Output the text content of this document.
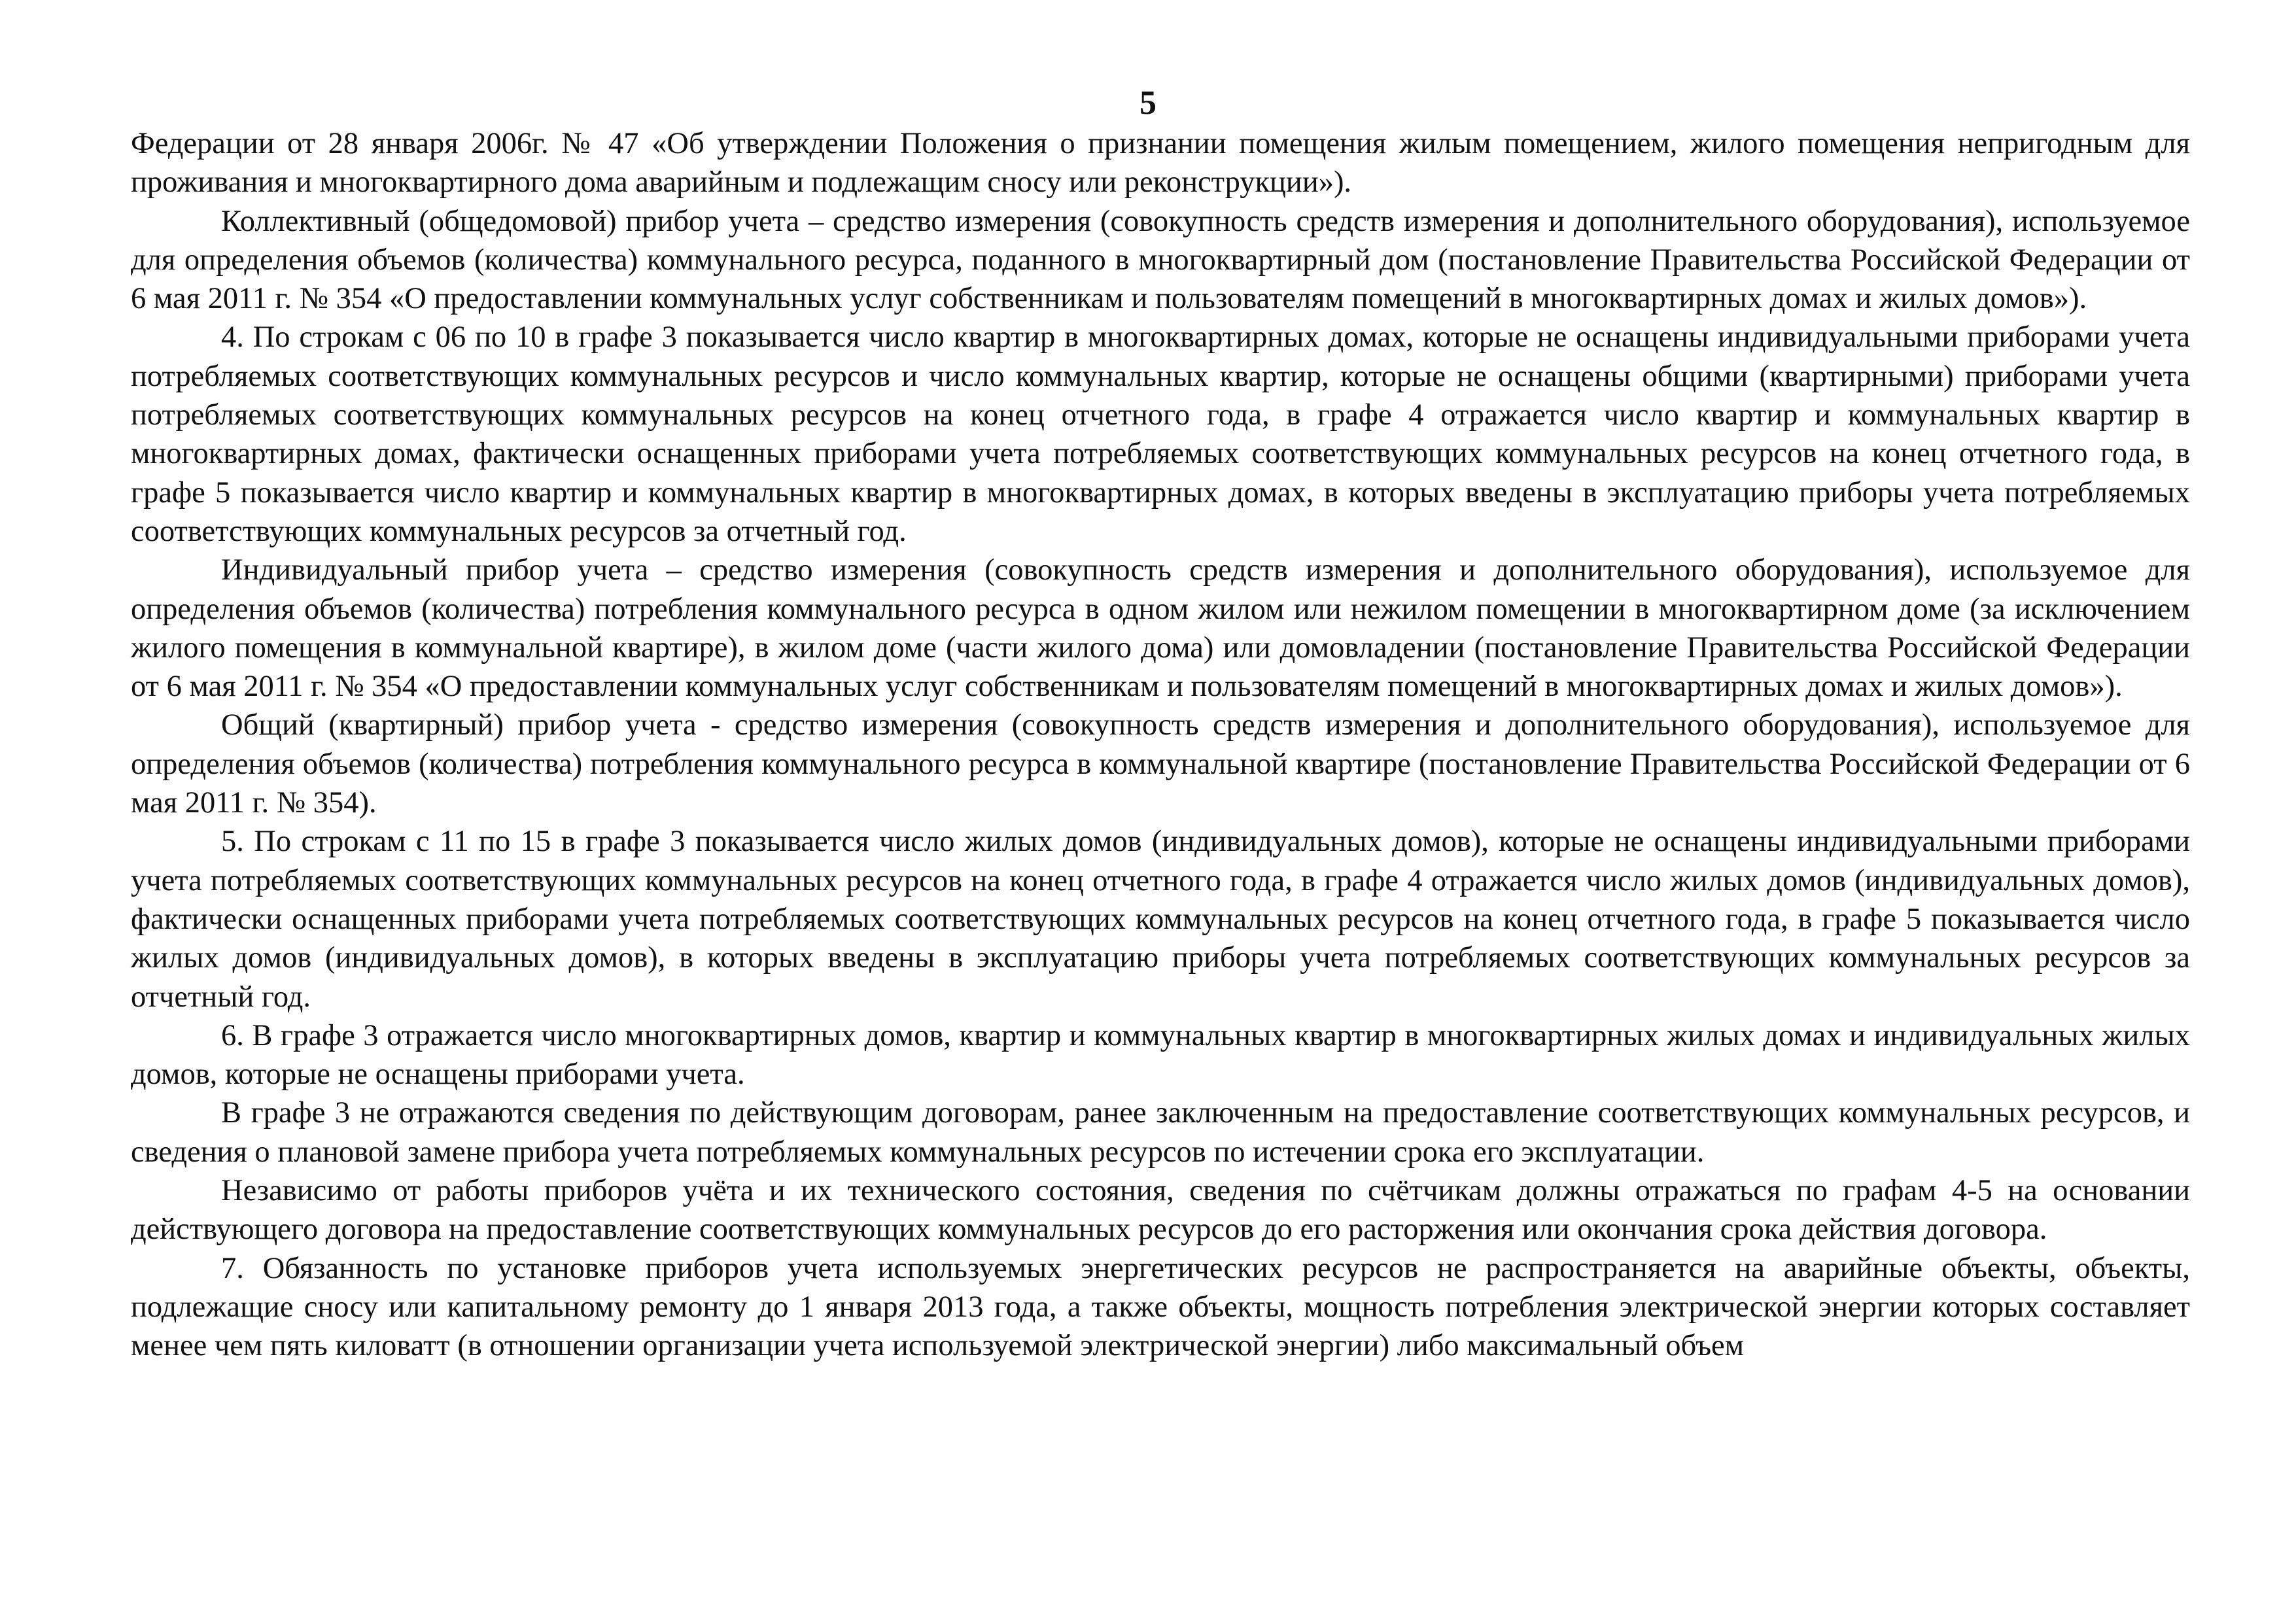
5

Федерации от 28 января 2006г. № 47 «Об утверждении Положения о признании помещения жилым помещением, жилого помещения непригодным для проживания и многоквартирного дома аварийным и подлежащим сносу или реконструкции»).

Коллективный (общедомовой) прибор учета – средство измерения (совокупность средств измерения и дополнительного оборудования), используемое для определения объемов (количества) коммунального ресурса, поданного в многоквартирный дом (постановление Правительства Российской Федерации от 6 мая 2011 г. № 354 «О предоставлении коммунальных услуг собственникам и пользователям помещений в многоквартирных домах и жилых домов»).

4. По строкам с 06 по 10 в графе 3 показывается число квартир в многоквартирных домах, которые не оснащены индивидуальными приборами учета потребляемых соответствующих коммунальных ресурсов и число коммунальных квартир, которые не оснащены общими (квартирными) приборами учета потребляемых соответствующих коммунальных ресурсов на конец отчетного года, в графе 4 отражается число квартир и коммунальных квартир в многоквартирных домах, фактически оснащенных приборами учета потребляемых соответствующих коммунальных ресурсов на конец отчетного года, в графе 5 показывается число квартир и коммунальных квартир в многоквартирных домах, в которых введены в эксплуатацию приборы учета потребляемых соответствующих коммунальных ресурсов за отчетный год.

Индивидуальный прибор учета – средство измерения (совокупность средств измерения и дополнительного оборудования), используемое для определения объемов (количества) потребления коммунального ресурса в одном жилом или нежилом помещении в многоквартирном доме (за исключением жилого помещения в коммунальной квартире), в жилом доме (части жилого дома) или домовладении (постановление Правительства Российской Федерации от 6 мая 2011 г. № 354 «О предоставлении коммунальных услуг собственникам и пользователям помещений в многоквартирных домах и жилых домов»).

Общий (квартирный) прибор учета - средство измерения (совокупность средств измерения и дополнительного оборудования), используемое для определения объемов (количества) потребления коммунального ресурса в коммунальной квартире (постановление Правительства Российской Федерации от 6 мая 2011 г. № 354).

5. По строкам с 11 по 15 в графе 3 показывается число жилых домов (индивидуальных домов), которые не оснащены индивидуальными приборами учета потребляемых соответствующих коммунальных ресурсов на конец отчетного года, в графе 4 отражается число жилых домов (индивидуальных домов), фактически оснащенных приборами учета потребляемых соответствующих коммунальных ресурсов на конец отчетного года, в графе 5 показывается число жилых домов (индивидуальных домов), в которых введены в эксплуатацию приборы учета потребляемых соответствующих коммунальных ресурсов за отчетный год.

6. В графе 3 отражается число многоквартирных домов, квартир и коммунальных квартир в многоквартирных жилых домах и индивидуальных жилых домов, которые не оснащены приборами учета.

В графе 3 не отражаются сведения по действующим договорам, ранее заключенным на предоставление соответствующих коммунальных ресурсов, и сведения о плановой замене прибора учета потребляемых коммунальных ресурсов по истечении срока его эксплуатации.

Независимо от работы приборов учёта и их технического состояния, сведения по счётчикам должны отражаться по графам 4-5 на основании действующего договора на предоставление соответствующих коммунальных ресурсов до его расторжения или окончания срока действия договора.

7. Обязанность по установке приборов учета используемых энергетических ресурсов не распространяется на аварийные объекты, объекты, подлежащие сносу или капитальному ремонту до 1 января 2013 года, а также объекты, мощность потребления электрической энергии которых составляет менее чем пять киловатт (в отношении организации учета используемой электрической энергии) либо максимальный объем
